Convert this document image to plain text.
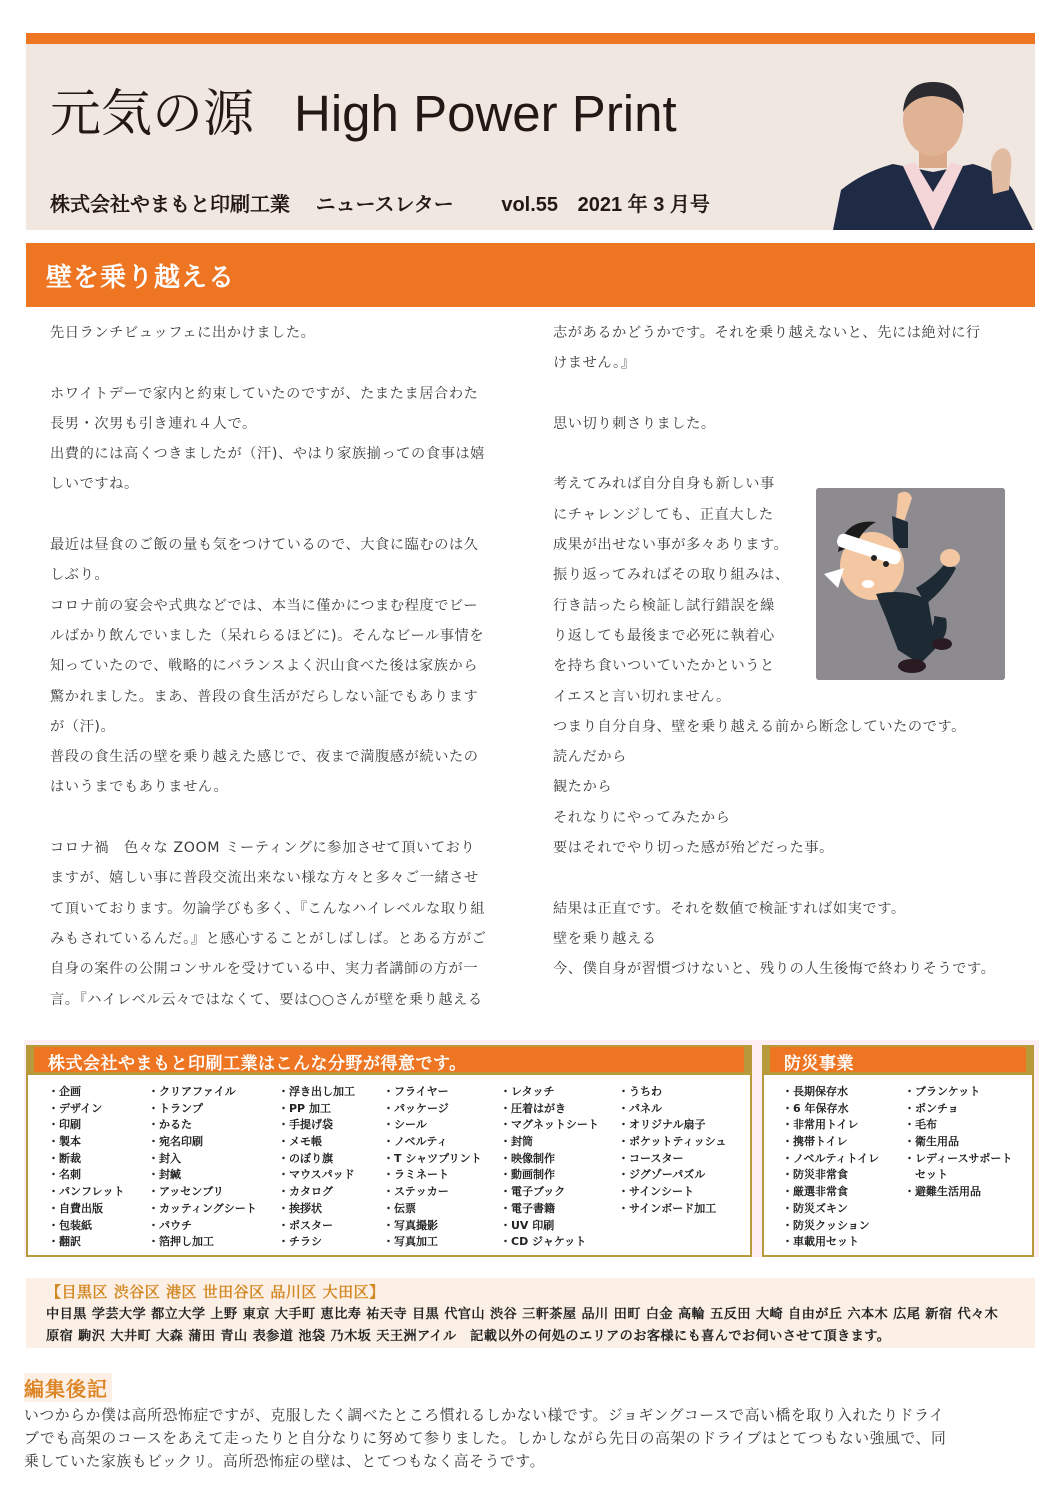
元気の源 High Power Print
株式会社やまもと印刷工業 ニュースレター vol.55 2021 年 3 月号
壁を乗り越える

先日ランチビュッフェに出かけました。

ホワイトデーで家内と約束していたのですが、たまたま居合わた

長男・次男も引き連れ４人で。

出費的には高くつきましたが（汗)、やはり家族揃っての食事は嬉

しいですね。

最近は昼食のご飯の量も気をつけているので、大食に臨むのは久

しぶり。

コロナ前の宴会や式典などでは、本当に僅かにつまむ程度でビー

ルばかり飲んでいました（呆れらるほどに)。そんなビール事情を

知っていたので、戦略的にバランスよく沢山食べた後は家族から

驚かれました。まあ、普段の食生活がだらしない証でもあります

が（汗)。

普段の食生活の壁を乗り越えた感じで、夜まで満腹感が続いたの

はいうまでもありません。

コロナ禍　色々な ZOOM ミーティングに参加させて頂いており

ますが、嬉しい事に普段交流出来ない様な方々と多々ご一緒させ

て頂いております。勿論学びも多く、『こんなハイレベルな取り組

みもされているんだ。』と感心することがしばしば。とある方がご

自身の案件の公開コンサルを受けている中、実力者講師の方が一

言。『ハイレベル云々ではなくて、要は○○さんが壁を乗り越える

志があるかどうかです。それを乗り越えないと、先には絶対に行

けません。』

思い切り刺さりました。

考えてみれば自分自身も新しい事

にチャレンジしても、正直大した

成果が出せない事が多々あります。

振り返ってみればその取り組みは、

行き詰ったら検証し試行錯誤を繰

り返しても最後まで必死に執着心

を持ち食いついていたかというと

イエスと言い切れません。

つまり自分自身、壁を乗り越える前から断念していたのです。

読んだから

観たから

それなりにやってみたから

要はそれでやり切った感が殆どだった事。

結果は正直です。それを数値で検証すれば如実です。

壁を乗り越える

今、僕自身が習慣づけないと、残りの人生後悔で終わりそうです。

株式会社やまもと印刷工業はこんな分野が得意です。
・企画
・デザイン
・印刷
・製本
・断裁
・名刺
・パンフレット
・自費出版
・包装紙
・翻訳
・クリアファイル
・トランプ
・かるた
・宛名印刷
・封入
・封緘
・アッセンブリ
・カッティングシート
・パウチ
・箔押し加工
・浮き出し加工
・PP 加工
・手提げ袋
・メモ帳
・のぼり旗
・マウスパッド
・カタログ
・挨拶状
・ポスター
・チラシ
・フライヤー
・パッケージ
・シール
・ノベルティ
・T シャツプリント
・ラミネート
・ステッカー
・伝票
・写真撮影
・写真加工
・レタッチ
・圧着はがき
・マグネットシート
・封筒
・映像制作
・動画制作
・電子ブック
・電子書籍
・UV 印刷
・CD ジャケット
・うちわ
・パネル
・オリジナル扇子
・ポケットティッシュ
・コースター
・ジグゾーパズル
・サインシート
・サインボード加工
防災事業
・長期保存水
・6 年保存水
・非常用トイレ
・携帯トイレ
・ノベルティトイレ
・防災非常食
・厳選非常食
・防災ズキン
・防災クッション
・車載用セット
・ブランケット
・ポンチョ
・毛布
・衛生用品
・レディースサポート
　セット
・避難生活用品
【目黒区 渋谷区 港区 世田谷区 品川区 大田区】
中目黒 学芸大学 都立大学 上野 東京 大手町 恵比寿 祐天寺 目黒 代官山 渋谷 三軒茶屋 品川 田町 白金 高輪 五反田 大崎 自由が丘 六本木 広尾 新宿 代々木
原宿 駒沢 大井町 大森 蒲田 青山 表参道 池袋 乃木坂 天王洲アイル　記載以外の何処のエリアのお客様にも喜んでお伺いさせて頂きます。
編集後記

いつからか僕は高所恐怖症ですが、克服したく調べたところ慣れるしかない様です。ジョギングコースで高い橋を取り入れたりドライ

ブでも高架のコースをあえて走ったりと自分なりに努めて参りました。しかしながら先日の高架のドライブはとてつもない強風で、同

乗していた家族もビックリ。高所恐怖症の壁は、とてつもなく高そうです。
